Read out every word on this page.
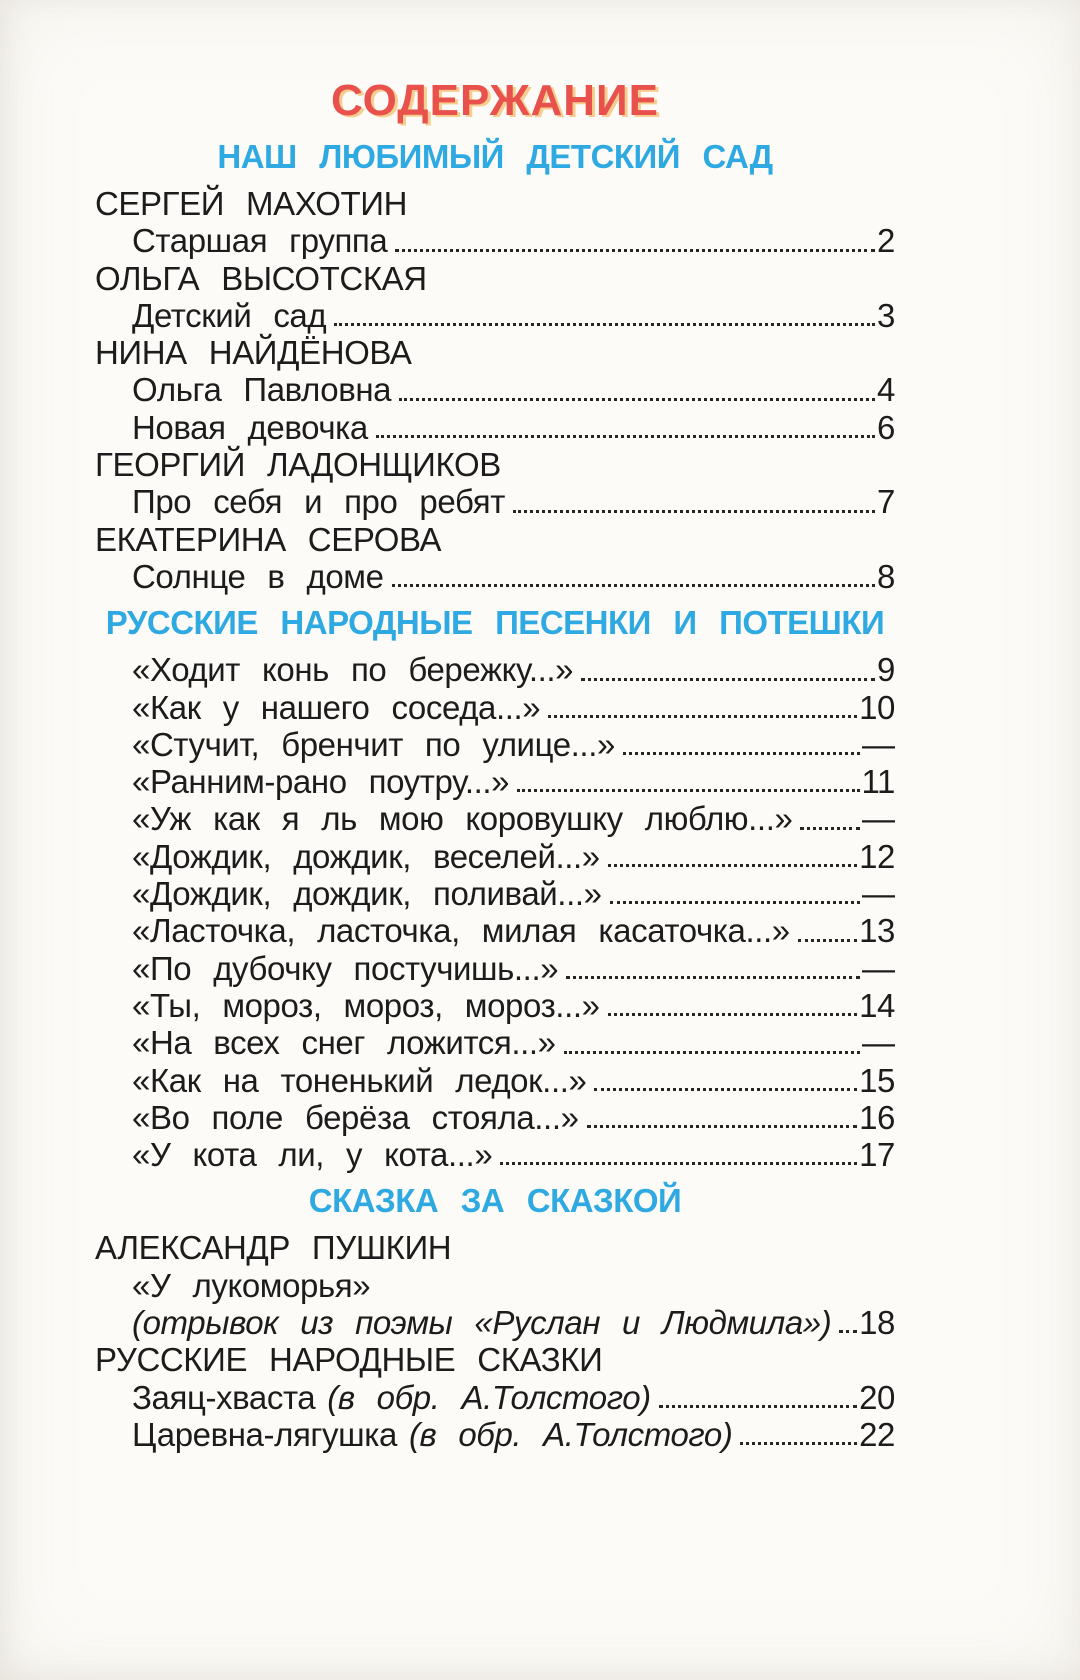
СОДЕРЖАНИЕ
НАШ ЛЮБИМЫЙ ДЕТСКИЙ САД
СЕРГЕЙ МАХОТИН
Старшая группа	2
ОЛЬГА ВЫСОТСКАЯ
Детский сад	3
НИНА НАЙДЁНОВА
Ольга Павловна	4
Новая девочка	6
ГЕОРГИЙ ЛАДОНЩИКОВ
Про себя и про ребят	7
ЕКАТЕРИНА СЕРОВА
Солнце в доме	8
РУССКИЕ НАРОДНЫЕ ПЕСЕНКИ И ПОТЕШКИ
«Ходит конь по бережку...»	9
«Как у нашего соседа...»	10
«Стучит, бренчит по улице...»	—
«Ранним-рано поутру...»	11
«Уж как я ль мою коровушку люблю...» —
«Дождик, дождик, веселей...»	12
«Дождик, дождик, поливай...»	—
«Ласточка, ласточка, милая касаточка...» 13
«По дубочку постучишь...»	—
«Ты, мороз, мороз, мороз...»	14
«На всех снег ложится...»	—
«Как на тоненький ледок...»	15
«Во поле берёза стояла...»	16
«У кота ли, у кота...»	17
СКАЗКА ЗА СКАЗКОЙ
АЛЕКСАНДР ПУШКИН
«У лукоморья»
(отрывок из поэмы «Руслан и Людмила») 18
РУССКИЕ НАРОДНЫЕ СКАЗКИ
Заяц-хваста (в обр. А.Толстого)	20
Царевна-лягушка (в обр. А.Толстого)	22
